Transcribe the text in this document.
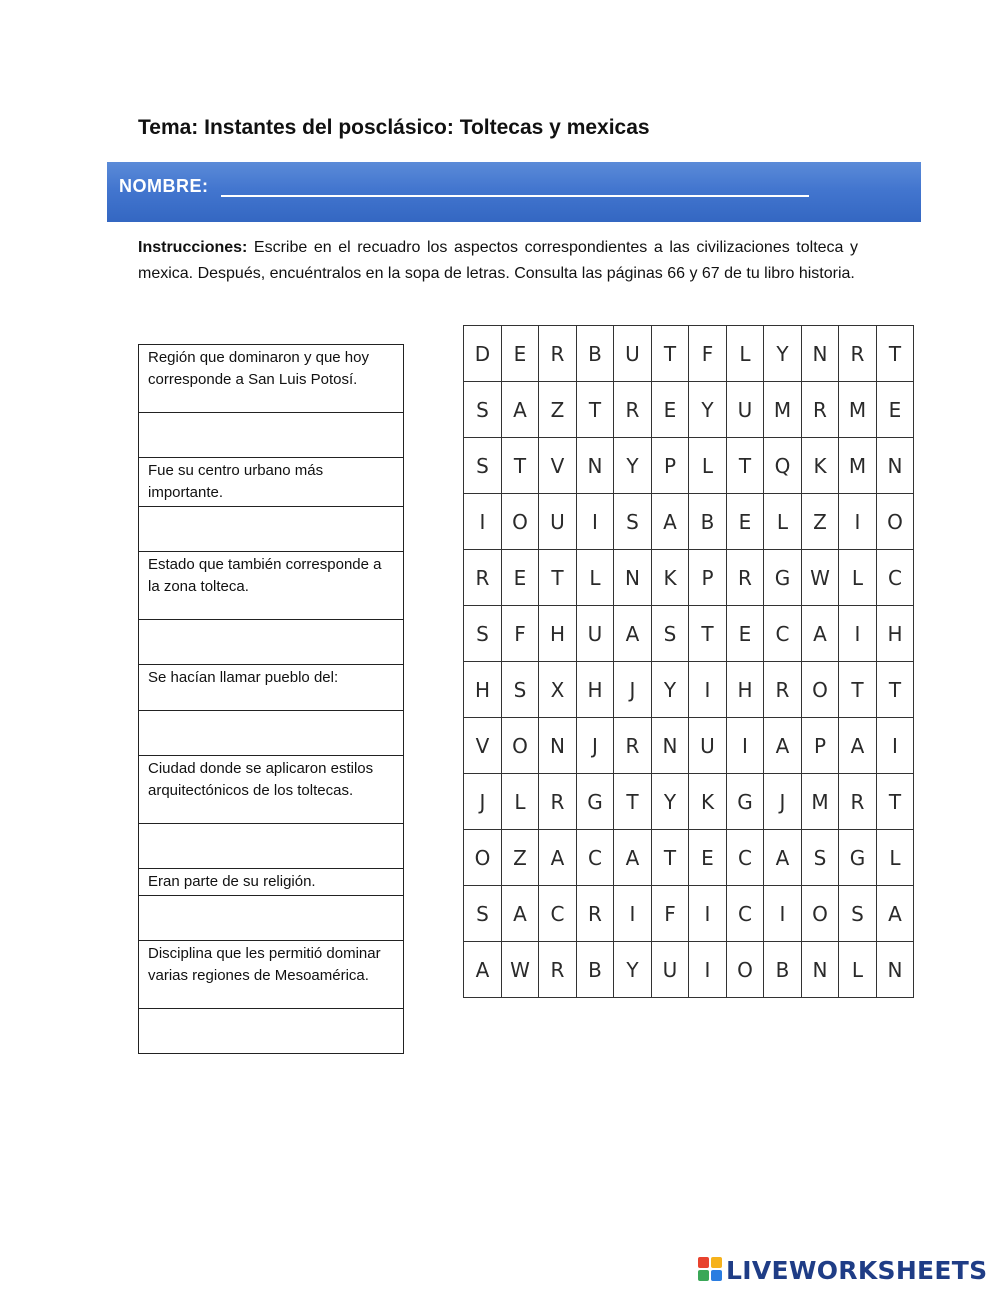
Tema: Instantes del posclásico: Toltecas y mexicas
NOMBRE:
Instrucciones: Escribe en el recuadro los aspectos correspondientes a las civilizaciones tolteca y mexica. Después, encuéntralos en la sopa de letras. Consulta las páginas 66 y 67 de tu libro historia.
Región que dominaron y que hoy corresponde a San Luis Potosí.

Fue su centro urbano más importante.

Estado que también corresponde a la zona tolteca.

Se hacían llamar pueblo del:

Ciudad donde se aplicaron estilos arquitectónicos de los toltecas.

Eran parte de su religión.

Disciplina que les permitió dominar varias regiones de Mesoamérica.

D	E	R	B	U	T	F	L	Y	N	R	T
S	A	Z	T	R	E	Y	U	M	R	M	E
S	T	V	N	Y	P	L	T	Q	K	M	N
I	O	U	I	S	A	B	E	L	Z	I	O
R	E	T	L	N	K	P	R	G	W	L	C
S	F	H	U	A	S	T	E	C	A	I	H
H	S	X	H	J	Y	I	H	R	O	T	T
V	O	N	J	R	N	U	I	A	P	A	I
J	L	R	G	T	Y	K	G	J	M	R	T
O	Z	A	C	A	T	E	C	A	S	G	L
S	A	C	R	I	F	I	C	I	O	S	A
A	W	R	B	Y	U	I	O	B	N	L	N
LIVEWORKSHEETS
